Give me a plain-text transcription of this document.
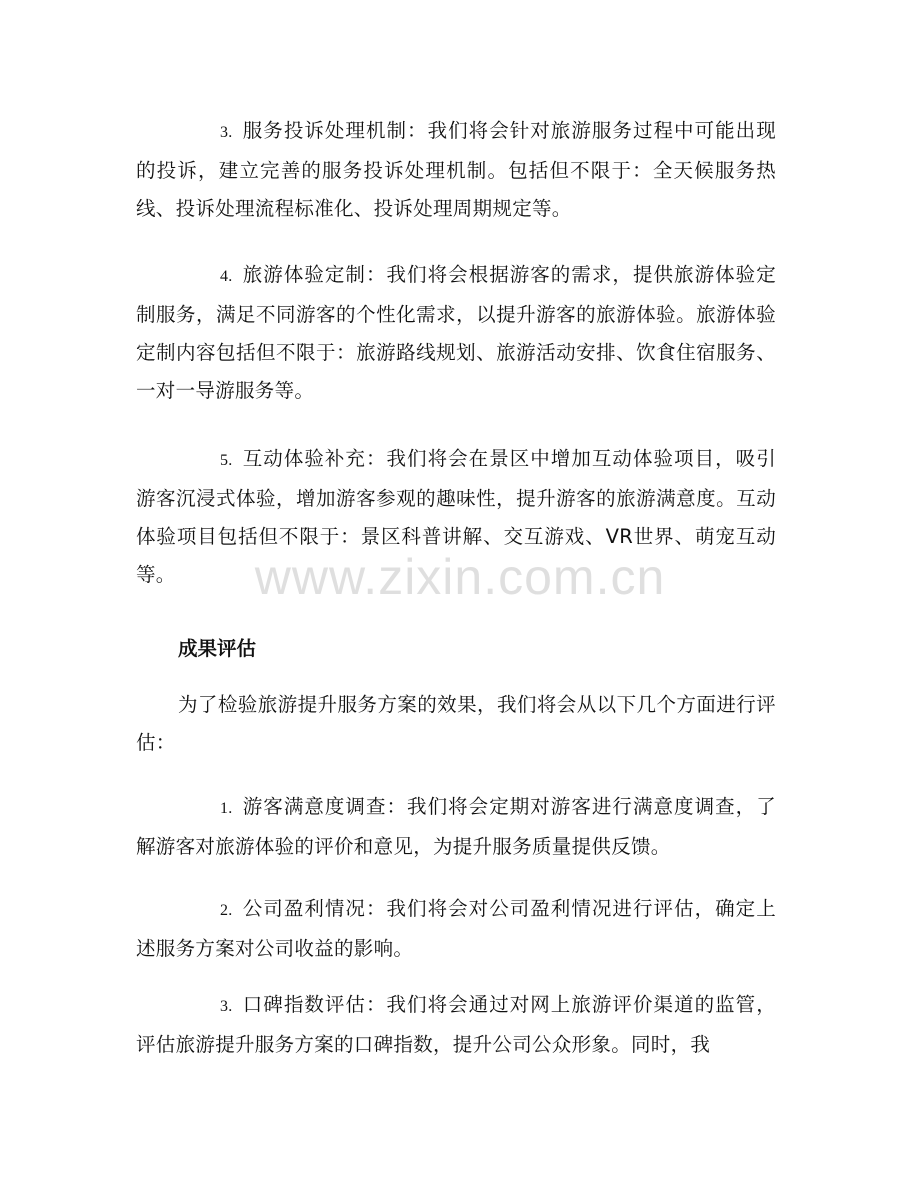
3. 服务投诉处理机制：我们将会针对旅游服务过程中可能出现的投诉，建立完善的服务投诉处理机制。包括但不限于：全天候服务热线、投诉处理流程标准化、投诉处理周期规定等。

4. 旅游体验定制：我们将会根据游客的需求，提供旅游体验定制服务，满足不同游客的个性化需求，以提升游客的旅游体验。旅游体验定制内容包括但不限于：旅游路线规划、旅游活动安排、饮食住宿服务、一对一导游服务等。

5. 互动体验补充：我们将会在景区中增加互动体验项目，吸引游客沉浸式体验，增加游客参观的趣味性，提升游客的旅游满意度。互动体验项目包括但不限于：景区科普讲解、交互游戏、VR世界、萌宠互动等。

成果评估

为了检验旅游提升服务方案的效果，我们将会从以下几个方面进行评估：

1. 游客满意度调查：我们将会定期对游客进行满意度调查，了解游客对旅游体验的评价和意见，为提升服务质量提供反馈。

2. 公司盈利情况：我们将会对公司盈利情况进行评估，确定上述服务方案对公司收益的影响。

3. 口碑指数评估：我们将会通过对网上旅游评价渠道的监管，评估旅游提升服务方案的口碑指数，提升公司公众形象。同时，我

www.zixin.com.cn
